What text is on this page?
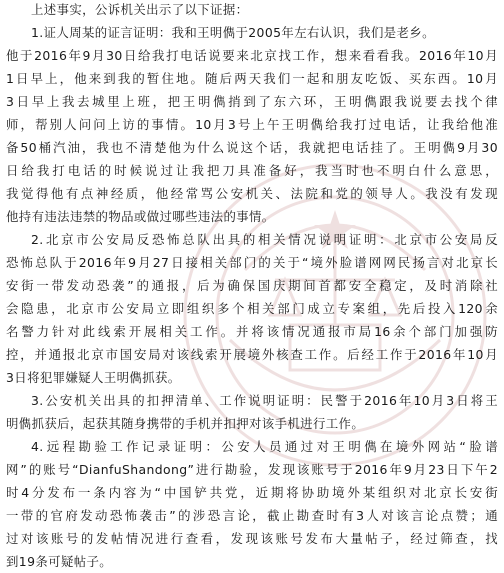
上述事实，公诉机关出示了以下证据：

1.证人周某的证言证明：我和王明儁于2005年左右认识，我们是老乡。

他于2016年9月30日给我打电话说要来北京找工作，想来看看我。2016年10月

1日早上，他来到我的暂住地。随后两天我们一起和朋友吃饭、买东西。10月

3日早上我去城里上班，把王明儁捎到了东六环，王明儁跟我说要去找个律

师，帮别人问问上访的事情。10月3号上午王明儁给我打过电话，让我给他准

备50桶汽油，我也不清楚他为什么说这个话，我就把电话挂了。王明儁9月30

日给我打电话的时候说过让我把刀具准备好，我当时也不明白什么意思，

我觉得他有点神经质，他经常骂公安机关、法院和党的领导人。我没有发现

他持有违法违禁的物品或做过哪些违法的事情。

2.北京市公安局反恐怖总队出具的相关情况说明证明：北京市公安局反

恐怖总队于2016年9月27日接相关部门的关于“境外脸谱网网民扬言对北京长

安街一带发动恐袭”的通报，后为确保国庆期间首都安全稳定，及时消除社

会隐患，北京市公安局立即组织多个相关部门成立专案组，先后投入120余

名警力针对此线索开展相关工作。并将该情况通报市局16余个部门加强防

控，并通报北京市国安局对该线索开展境外核查工作。后经工作于2016年10月

3日将犯罪嫌疑人王明儁抓获。

3.公安机关出具的扣押清单、工作说明证明：民警于2016年10月3日将王

明儁抓获后，起获其随身携带的手机并扣押对该手机进行工作。

4.远程勘验工作记录证明：公安人员通过对王明儁在境外网站“脸谱

网”的账号“DianfuShandong”进行勘验，发现该账号于2016年9月23日下午2

时4分发布一条内容为“中国铲共党，近期将协助境外某组织对北京长安街

一带的官府发动恐怖袭击”的涉恐言论，截止勘查时有3人对该言论点赞；通

过对该账号的发帖情况进行查看，发现该账号发布大量帖子，经过筛查，找

到19条可疑帖子。
